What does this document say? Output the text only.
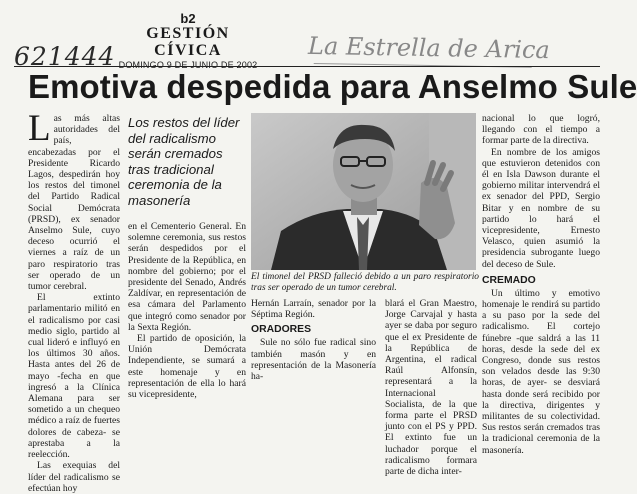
621444	La Estrella de Arica
b2
GESTIÓN CÍVICA
DOMINGO 9 DE JUNIO DE 2002
Emotiva despedida para Anselmo Sule

Las más altas autoridades del país, encabezadas por el Presidente Ricardo Lagos, despedirán hoy los restos del timonel del Partido Radical Social Demócrata (PRSD), ex senador Anselmo Sule, cuyo deceso ocurrió el viernes a raíz de un paro respiratorio tras ser operado de un tumor cerebral.

El extinto parlamentario militó en el radicalismo por casi medio siglo, partido al cual lideró e influyó en los últimos 30 años. Hasta antes del 26 de mayo -fecha en que ingresó a la Clínica Alemana para ser sometido a un chequeo médico a raíz de fuertes dolores de cabeza- se aprestaba a la reelección.

Las exequias del líder del radicalismo se efectúan hoy

Los restos del líder del radicalismo serán cremados tras tradicional ceremonia de la masonería

en el Cementerio General. En solemne ceremonia, sus restos serán despedidos por el Presidente de la República, en nombre del gobierno; por el presidente del Senado, Andrés Zaldívar, en representación de esa cámara del Parlamento que integró como senador por la Sexta Región.

El partido de oposición, la Unión Demócrata Independiente, se sumará a este homenaje y en representación de ella lo hará su vicepresidente,

El timonel del PRSD falleció debido a un paro respiratorio tras ser operado de un tumor cerebral.

Hernán Larraín, senador por la Séptima Región.

ORADORES

Sule no sólo fue radical sino también masón y en representación de la Masonería ha-

blará el Gran Maestro, Jorge Carvajal y hasta ayer se daba por seguro que el ex Presidente de la República de Argentina, el radical Raúl Alfonsín, representará a la Internacional Socialista, de la que forma parte el PRSD junto con el PS y PPD. El extinto fue un luchador porque el radicalismo formara parte de dicha inter-

nacional lo que logró, llegando con el tiempo a formar parte de la directiva.

En nombre de los amigos que estuvieron detenidos con él en Isla Dawson durante el gobierno militar intervendrá el ex senador del PPD, Sergio Bitar y en nombre de su partido lo hará el vicepresidente, Ernesto Velasco, quien asumió la presidencia subrogante luego del deceso de Sule.

CREMADO

Un último y emotivo homenaje le rendirá su partido a su paso por la sede del radicalismo. El cortejo fúnebre -que saldrá a las 11 horas, desde la sede del ex Congreso, donde sus restos son velados desde las 9:30 horas, de ayer- se desviará hasta donde será recibido por la directiva, dirigentes y militantes de su colectividad. Sus restos serán cremados tras la tradicional ceremonia de la masonería.
